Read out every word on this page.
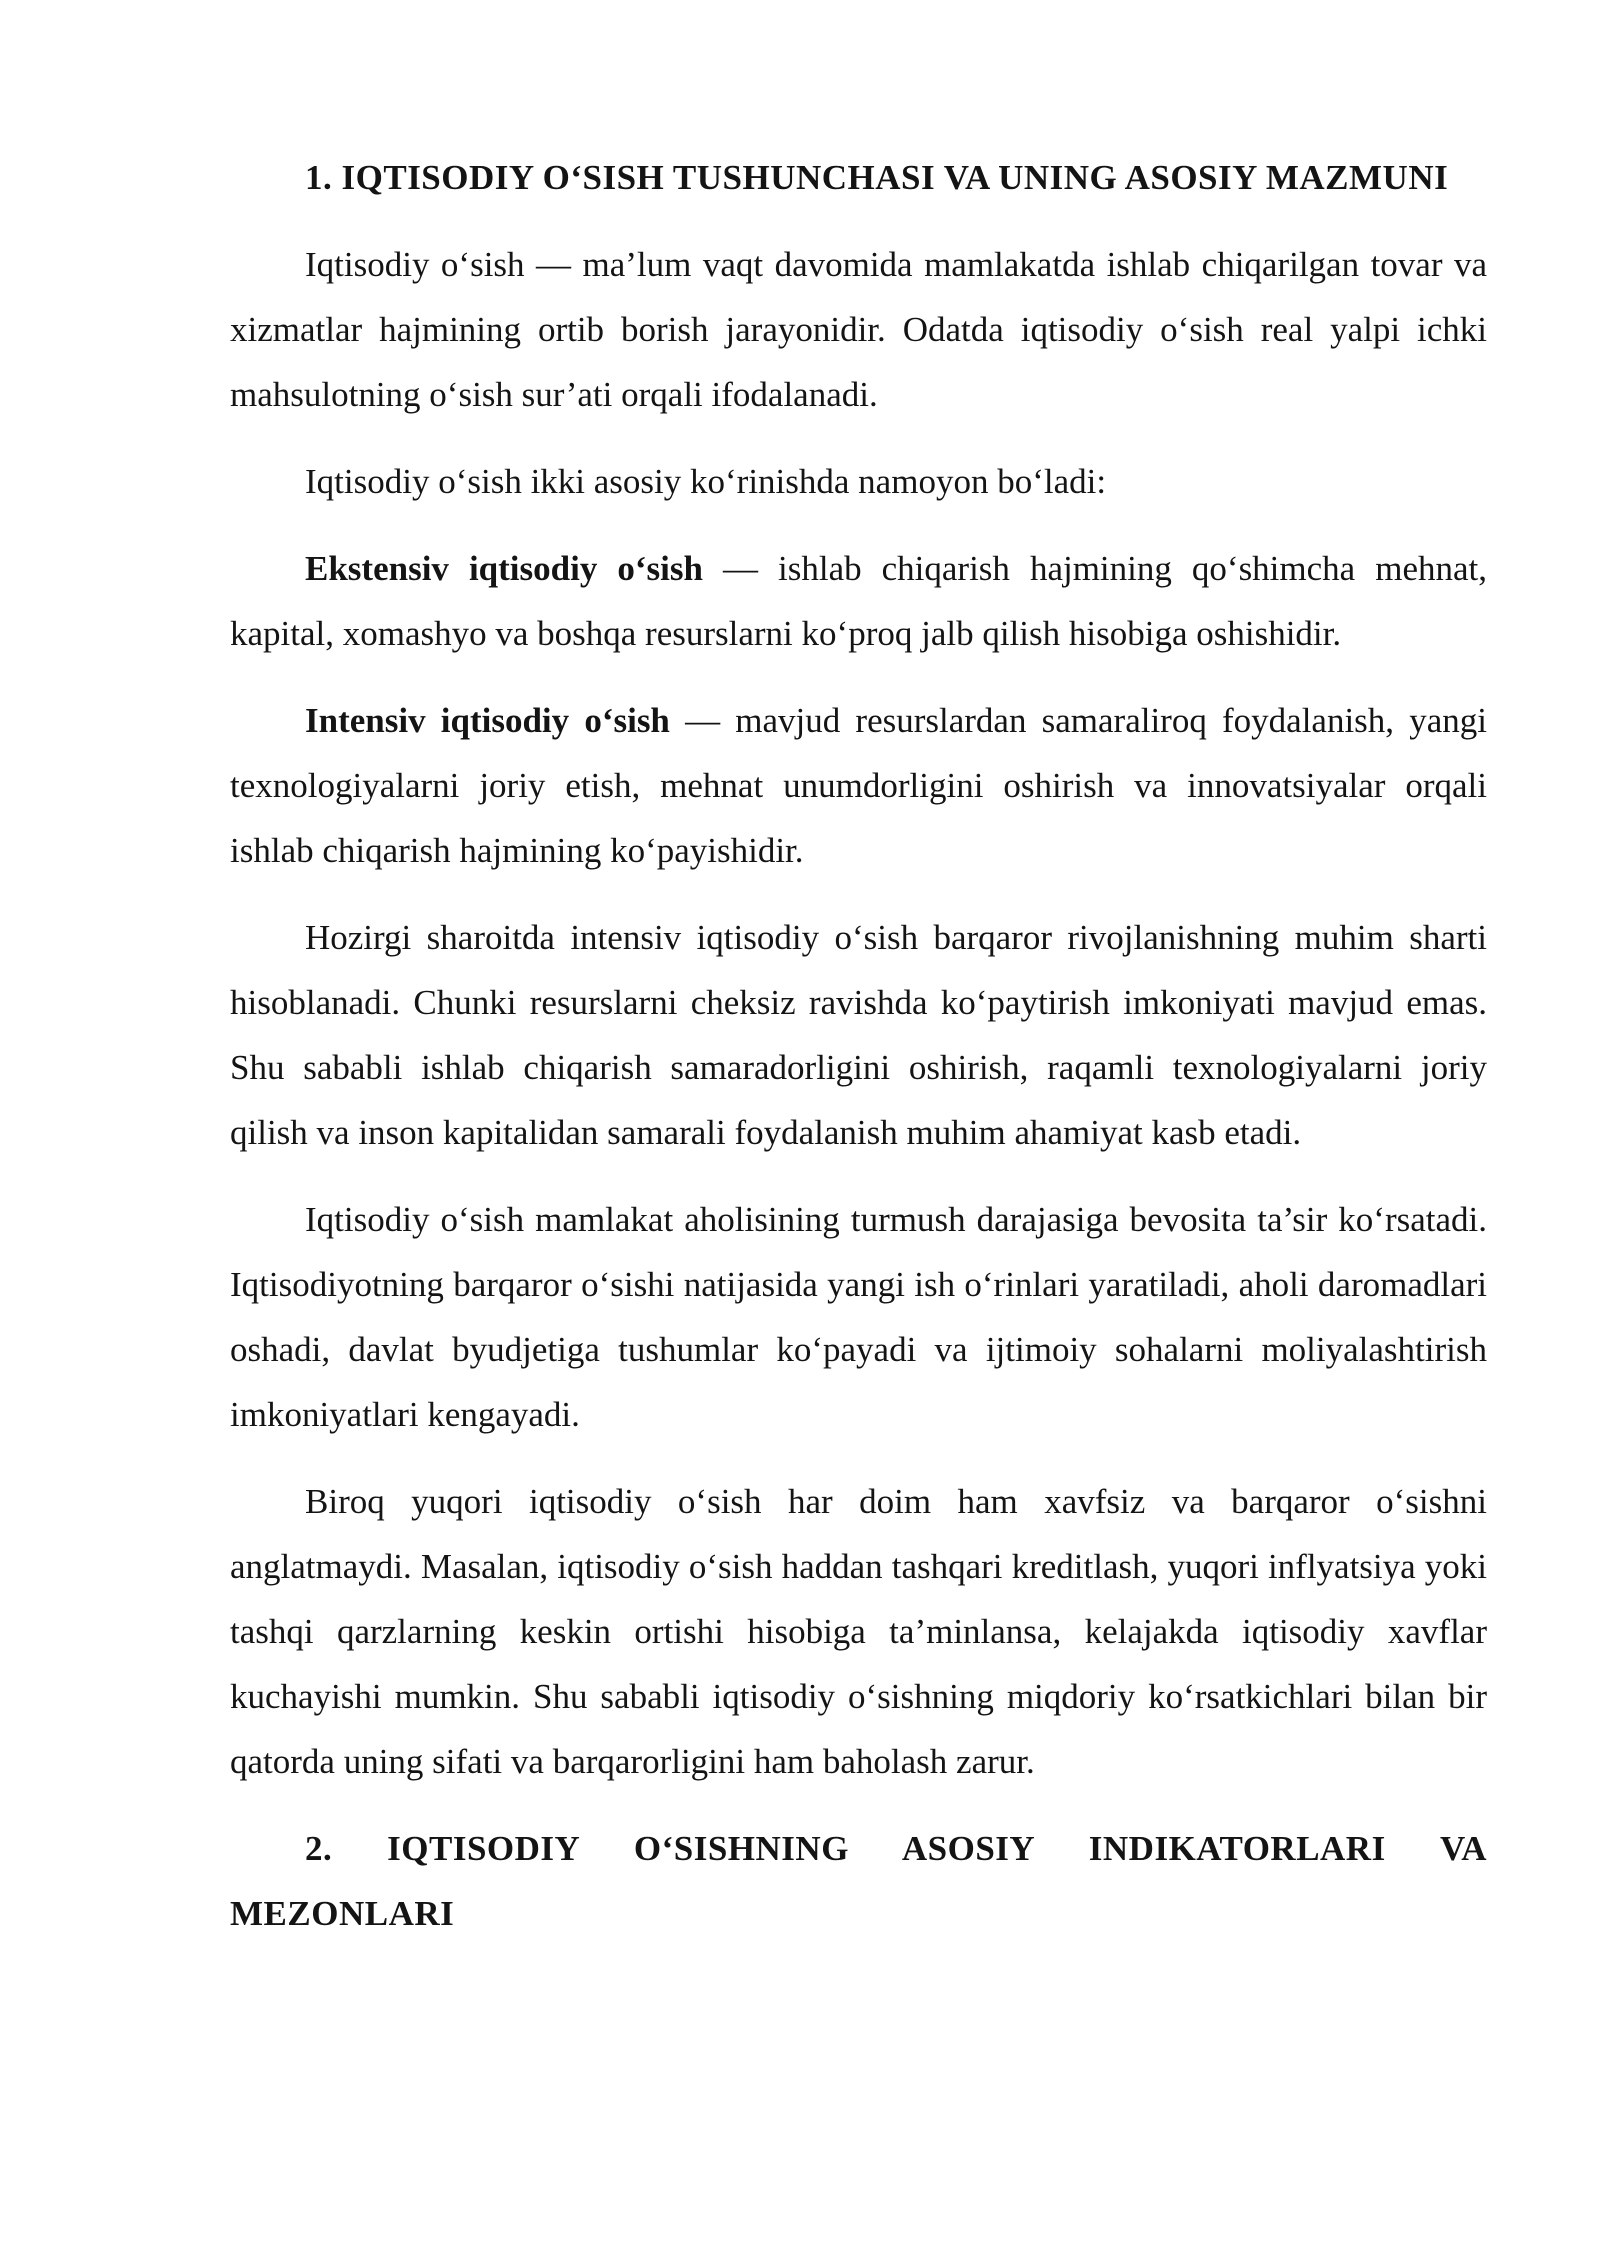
1. IQTISODIY O‘SISH TUSHUNCHASI VA UNING ASOSIY MAZMUNI

Iqtisodiy o‘sish — ma’lum vaqt davomida mamlakatda ishlab chiqarilgan tovar va xizmatlar hajmining ortib borish jarayonidir. Odatda iqtisodiy o‘sish real yalpi ichki mahsulotning o‘sish sur’ati orqali ifodalanadi.

Iqtisodiy o‘sish ikki asosiy ko‘rinishda namoyon bo‘ladi:

Ekstensiv iqtisodiy o‘sish — ishlab chiqarish hajmining qo‘shimcha mehnat, kapital, xomashyo va boshqa resurslarni ko‘proq jalb qilish hisobiga oshishidir.

Intensiv iqtisodiy o‘sish — mavjud resurslardan samaraliroq foydalanish, yangi texnologiyalarni joriy etish, mehnat unumdorligini oshirish va innovatsiyalar orqali ishlab chiqarish hajmining ko‘payishidir.

Hozirgi sharoitda intensiv iqtisodiy o‘sish barqaror rivojlanishning muhim sharti hisoblanadi. Chunki resurslarni cheksiz ravishda ko‘paytirish imkoniyati mavjud emas. Shu sababli ishlab chiqarish samaradorligini oshirish, raqamli texnologiyalarni joriy qilish va inson kapitalidan samarali foydalanish muhim ahamiyat kasb etadi.

Iqtisodiy o‘sish mamlakat aholisining turmush darajasiga bevosita ta’sir ko‘rsatadi. Iqtisodiyotning barqaror o‘sishi natijasida yangi ish o‘rinlari yaratiladi, aholi daromadlari oshadi, davlat byudjetiga tushumlar ko‘payadi va ijtimoiy sohalarni moliyalashtirish imkoniyatlari kengayadi.

Biroq yuqori iqtisodiy o‘sish har doim ham xavfsiz va barqaror o‘sishni anglatmaydi. Masalan, iqtisodiy o‘sish haddan tashqari kreditlash, yuqori inflyatsiya yoki tashqi qarzlarning keskin ortishi hisobiga ta’minlansa, kelajakda iqtisodiy xavflar kuchayishi mumkin. Shu sababli iqtisodiy o‘sishning miqdoriy ko‘rsatkichlari bilan bir qatorda uning sifati va barqarorligini ham baholash zarur.

2. IQTISODIY O‘SISHNING ASOSIY INDIKATORLARI VA MEZONLARI
